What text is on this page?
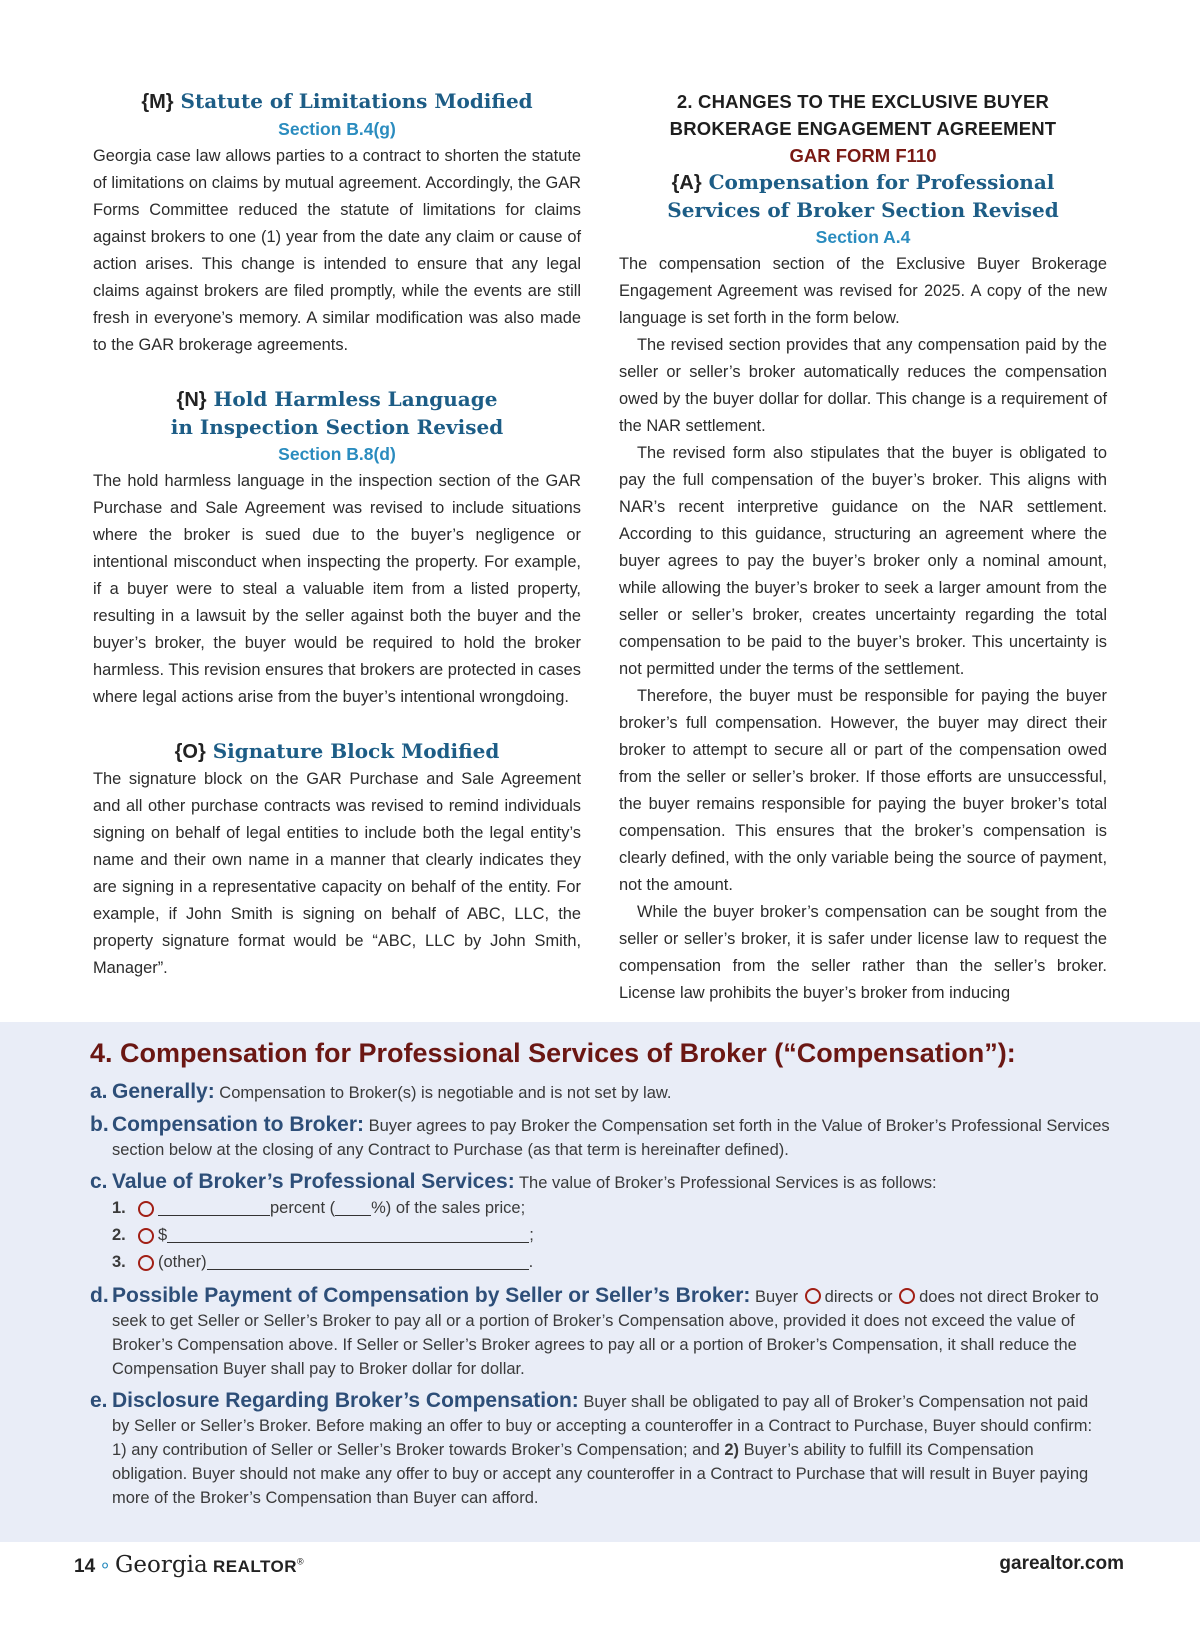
{M} Statute of Limitations Modified

Section B.4(g)

Georgia case law allows parties to a contract to shorten the statute of limitations on claims by mutual agreement. Accordingly, the GAR Forms Committee reduced the statute of limitations for claims against brokers to one (1) year from the date any claim or cause of action arises. This change is intended to ensure that any legal claims against brokers are filed promptly, while the events are still fresh in everyone’s memory. A similar modification was also made to the GAR brokerage agreements.

{N} Hold Harmless Language
in Inspection Section Revised

Section B.8(d)

The hold harmless language in the inspection section of the GAR Purchase and Sale Agreement was revised to include situations where the broker is sued due to the buyer’s negligence or intentional misconduct when inspecting the property. For example, if a buyer were to steal a valuable item from a listed property, resulting in a lawsuit by the seller against both the buyer and the buyer’s broker, the buyer would be required to hold the broker harmless. This revision ensures that brokers are protected in cases where legal actions arise from the buyer’s intentional wrongdoing.

{O} Signature Block Modified

The signature block on the GAR Purchase and Sale Agreement and all other purchase contracts was revised to remind individuals signing on behalf of legal entities to include both the legal entity’s name and their own name in a manner that clearly indicates they are signing in a representative capacity on behalf of the entity. For example, if John Smith is signing on behalf of ABC, LLC, the property signature format would be “ABC, LLC by John Smith, Manager”.

2. CHANGES TO THE EXCLUSIVE BUYER
BROKERAGE ENGAGEMENT AGREEMENT

GAR FORM F110

{A} Compensation for Professional
Services of Broker Section Revised

Section A.4

The compensation section of the Exclusive Buyer Brokerage Engagement Agreement was revised for 2025. A copy of the new language is set forth in the form below.

The revised section provides that any compensation paid by the seller or seller’s broker automatically reduces the compensation owed by the buyer dollar for dollar. This change is a requirement of the NAR settlement.

The revised form also stipulates that the buyer is obligated to pay the full compensation of the buyer’s broker. This aligns with NAR’s recent interpretive guidance on the NAR settlement. According to this guidance, structuring an agreement where the buyer agrees to pay the buyer’s broker only a nominal amount, while allowing the buyer’s broker to seek a larger amount from the seller or seller’s broker, creates uncertainty regarding the total compensation to be paid to the buyer’s broker. This uncertainty is not permitted under the terms of the settlement.

Therefore, the buyer must be responsible for paying the buyer broker’s full compensation. However, the buyer may direct their broker to attempt to secure all or part of the compensation owed from the seller or seller’s broker. If those efforts are unsuccessful, the buyer remains responsible for paying the buyer broker’s total compensation. This ensures that the broker’s compensation is clearly defined, with the only variable being the source of payment, not the amount.

While the buyer broker’s compensation can be sought from the seller or seller’s broker, it is safer under license law to request the compensation from the seller rather than the seller’s broker. License law prohibits the buyer’s broker from inducing

4. Compensation for Professional Services of Broker (“Compensation”):

a. Generally: Compensation to Broker(s) is negotiable and is not set by law.
b. Compensation to Broker: Buyer agrees to pay Broker the Compensation set forth in the Value of Broker’s Professional Services section below at the closing of any Contract to Purchase (as that term is hereinafter defined).
c. Value of Broker’s Professional Services: The value of Broker’s Professional Services is as follows:
1.	percent ( %) of the sales price;
2.	$	;
3.	(other)	.
d. Possible Payment of Compensation by Seller or Seller’s Broker: Buyer directs or does not direct Broker to seek to get Seller or Seller’s Broker to pay all or a portion of Broker’s Compensation above, provided it does not exceed the value of Broker’s Compensation above. If Seller or Seller’s Broker agrees to pay all or a portion of Broker’s Compensation, it shall reduce the Compensation Buyer shall pay to Broker dollar for dollar.
e. Disclosure Regarding Broker’s Compensation: Buyer shall be obligated to pay all of Broker’s Compensation not paid by Seller or Seller’s Broker. Before making an offer to buy or accepting a counteroffer in a Contract to Purchase, Buyer should confirm: 1) any contribution of Seller or Seller’s Broker towards Broker’s Compensation; and 2) Buyer’s ability to fulfill its Compensation obligation. Buyer should not make any offer to buy or accept any counteroffer in a Contract to Purchase that will result in Buyer paying more of the Broker’s Compensation than Buyer can afford.
14 ∘ Georgia REALTOR®	garealtor.com
